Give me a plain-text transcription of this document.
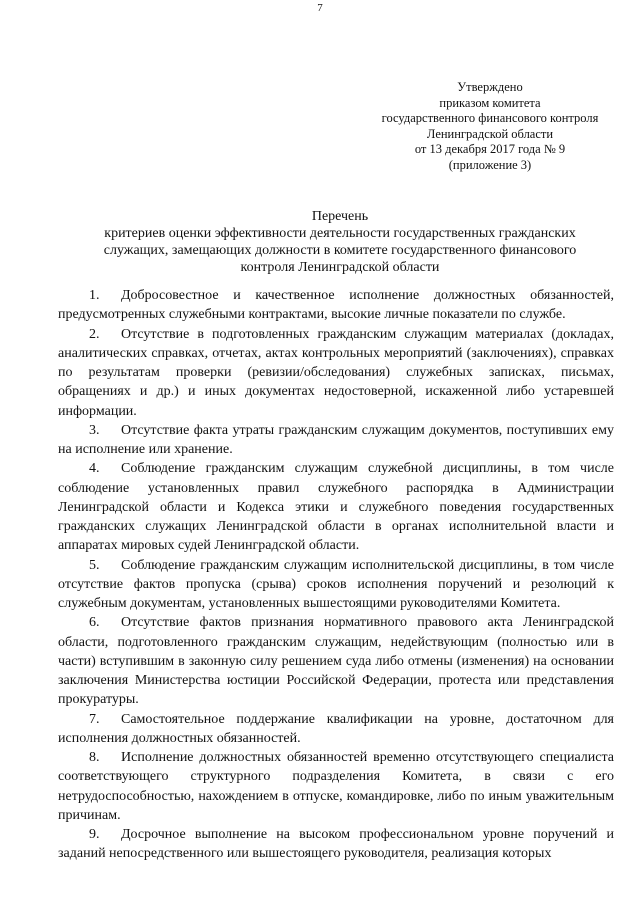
7
Утверждено
приказом комитета
государственного финансового контроля
Ленинградской области
от 13 декабря 2017 года № 9
(приложение 3)
Перечень
критериев оценки эффективности деятельности государственных гражданских
служащих, замещающих должности в комитете государственного финансового
контроля Ленинградской области

1. Добросовестное и качественное исполнение должностных обязанностей, предусмотренных служебными контрактами, высокие личные показатели по службе.

2. Отсутствие в подготовленных гражданским служащим материалах (докладах, аналитических справках, отчетах, актах контрольных мероприятий (заключениях), справках по результатам проверки (ревизии/обследования) служебных записках, письмах, обращениях и др.) и иных документах недостоверной, искаженной либо устаревшей информации.

3. Отсутствие факта утраты гражданским служащим документов, поступивших ему на исполнение или хранение.

4. Соблюдение гражданским служащим служебной дисциплины, в том числе соблюдение установленных правил служебного распорядка в Администрации Ленинградской области и Кодекса этики и служебного поведения государственных гражданских служащих Ленинградской области в органах исполнительной власти и аппаратах мировых судей Ленинградской области.

5. Соблюдение гражданским служащим исполнительской дисциплины, в том числе отсутствие фактов пропуска (срыва) сроков исполнения поручений и резолюций к служебным документам, установленных вышестоящими руководителями Комитета.

6. Отсутствие фактов признания нормативного правового акта Ленинградской области, подготовленного гражданским служащим, недействующим (полностью или в части) вступившим в законную силу решением суда либо отмены (изменения) на основании заключения Министерства юстиции Российской Федерации, протеста или представления прокуратуры.

7. Самостоятельное поддержание квалификации на уровне, достаточном для исполнения должностных обязанностей.

8. Исполнение должностных обязанностей временно отсутствующего специалиста соответствующего структурного подразделения Комитета, в связи с его нетрудоспособностью, нахождением в отпуске, командировке, либо по иным уважительным причинам.

9. Досрочное выполнение на высоком профессиональном уровне поручений и заданий непосредственного или вышестоящего руководителя, реализация которых
